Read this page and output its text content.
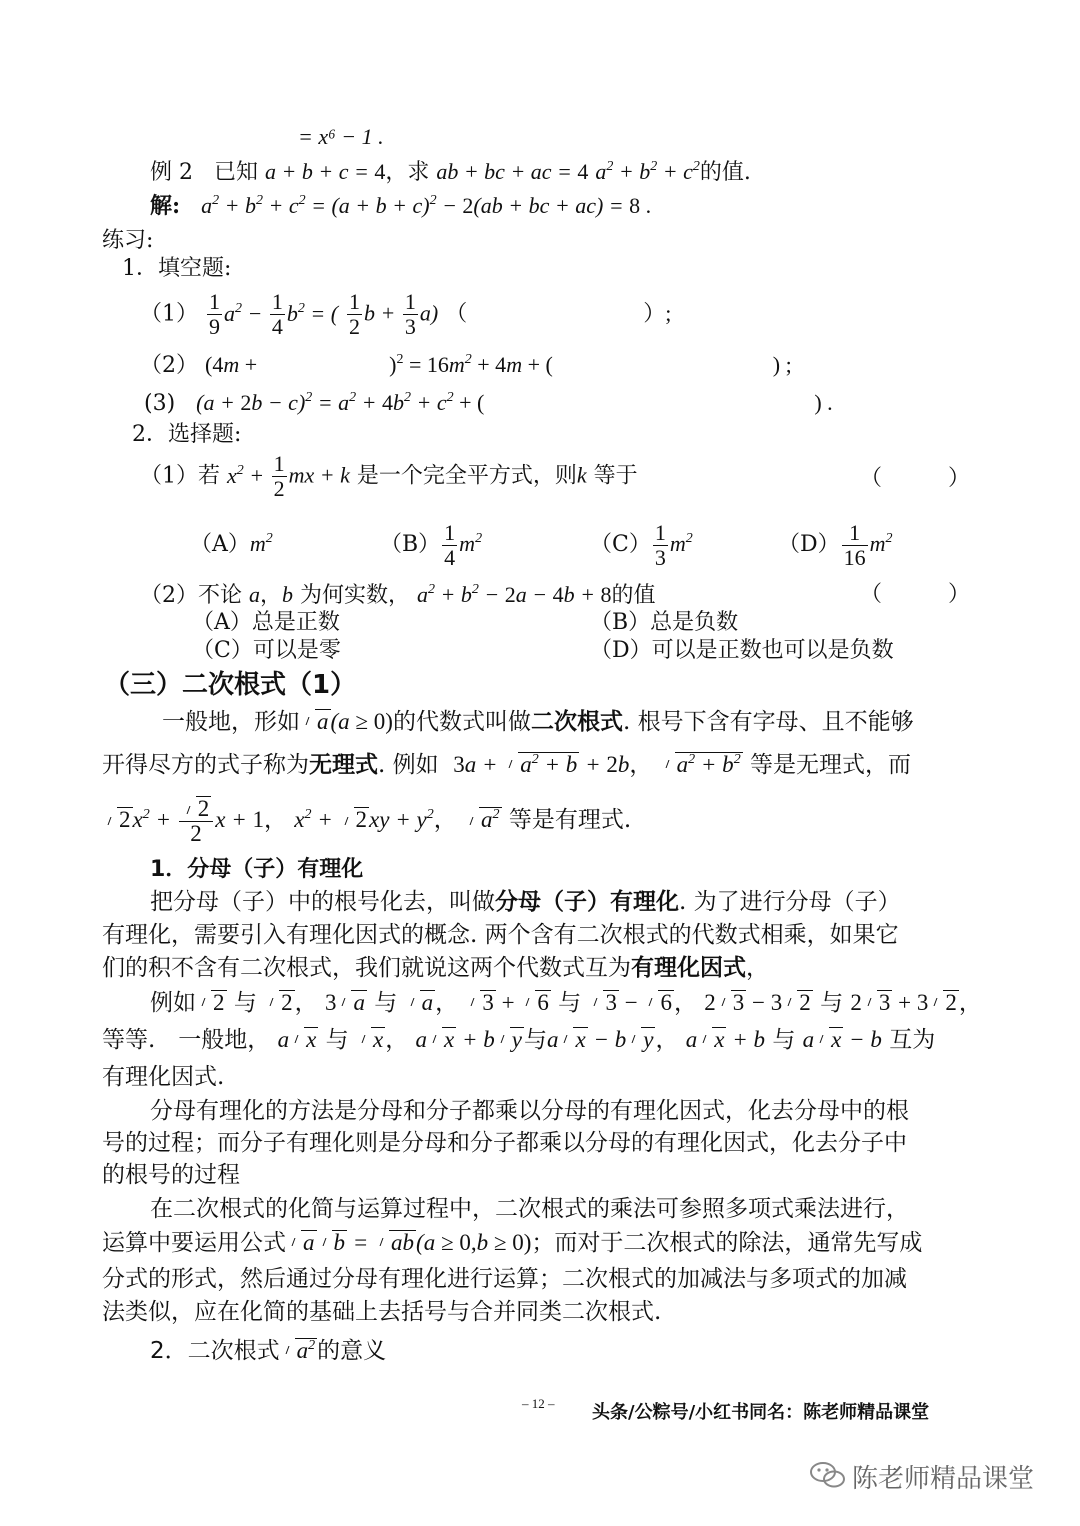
= x⁶ − 1 .
例 2 已知 a + b + c = 4，求 ab + bc + ac = 4 $a^2 + b^2 + c^2$的值.
解: $a^2 + b^2 + c^2 = (a + b + c)^2 - 2(ab$ + bc + ac) = 8 .
练习:
1．填空题:
$(1) \frac{1}{9} a^2 - \frac{1}{4} b^2$ = ( $\frac{1}{2}$ $b + \frac{1}{3} a$) （　　　　　　　　）;
（2） (4m +　　　　　　)$^2 = 16m^2 + 4m$ + (　　　　　　　　　　) ;
(3) $(a + 2b - c)^2 = a^2 + 4b^2 + c^2$ + (　　　　　　　　　　　　　　　) .
2．选择题:
（1）若 $x^2 + \frac{1}{2}$ mx + k 是一个完全平方式，则k 等于	（　　　）
$(A)m^2$	$(B) \frac{1}{4} m^2$	$(C) \frac{1}{3} m^2$	$(D) \frac{1}{16} m^2$
（2）不论 a，b 为何实数， $a^2 + b^2 - 2a - 4b + 8$的值	（　　　）
（A）总是正数	（B）总是负数
（C）可以是零	（D）可以是正数也可以是负数
（三）二次根式（1）
一般地，形如 a(a ≥ 0)的代数式叫做二次根式. 根号下含有字母、且不能够
开得尽方的式子称为无理式. 例如 $3a + a^2 + b + 2b$， $a^2 + b^2$ 等是无理式，而
$2x^2 + \frac{2}{2}$ x + 1， $x^2 + 2xy + y^2$， $a^2$ 等是有理式.
1．分母（子）有理化
把分母（子）中的根号化去，叫做分母（子）有理化. 为了进行分母（子）
有理化，需要引入有理化因式的概念. 两个含有二次根式的代数式相乘，如果它
们的积不含有二次根式，我们就说这两个代数式互为有理化因式，
例如 2 与 2， 3 a 与 a， 3 + 6 与 3 − 6， 2 3 − 3 2 与 2 3 + 3 2，
等等.　一般地， a x 与 x， a x + b y与a x − b y， a x + b 与 a x − b 互为
有理化因式.
分母有理化的方法是分母和分子都乘以分母的有理化因式，化去分母中的根
号的过程；而分子有理化则是分母和分子都乘以分母的有理化因式，化去分子中
的根号的过程
在二次根式的化简与运算过程中，二次根式的乘法可参照多项式乘法进行，
运算中要运用公式 a b = ab(a ≥ 0,b ≥ 0)；而对于二次根式的除法，通常先写成
分式的形式，然后通过分母有理化进行运算；二次根式的加减法与多项式的加减
法类似，应在化简的基础上去括号与合并同类二次根式.
2．二次根式 $a^2$的意义
– 12 – 头条/公粽号/小红书同名：陈老师精品课堂
陈老师精品课堂
